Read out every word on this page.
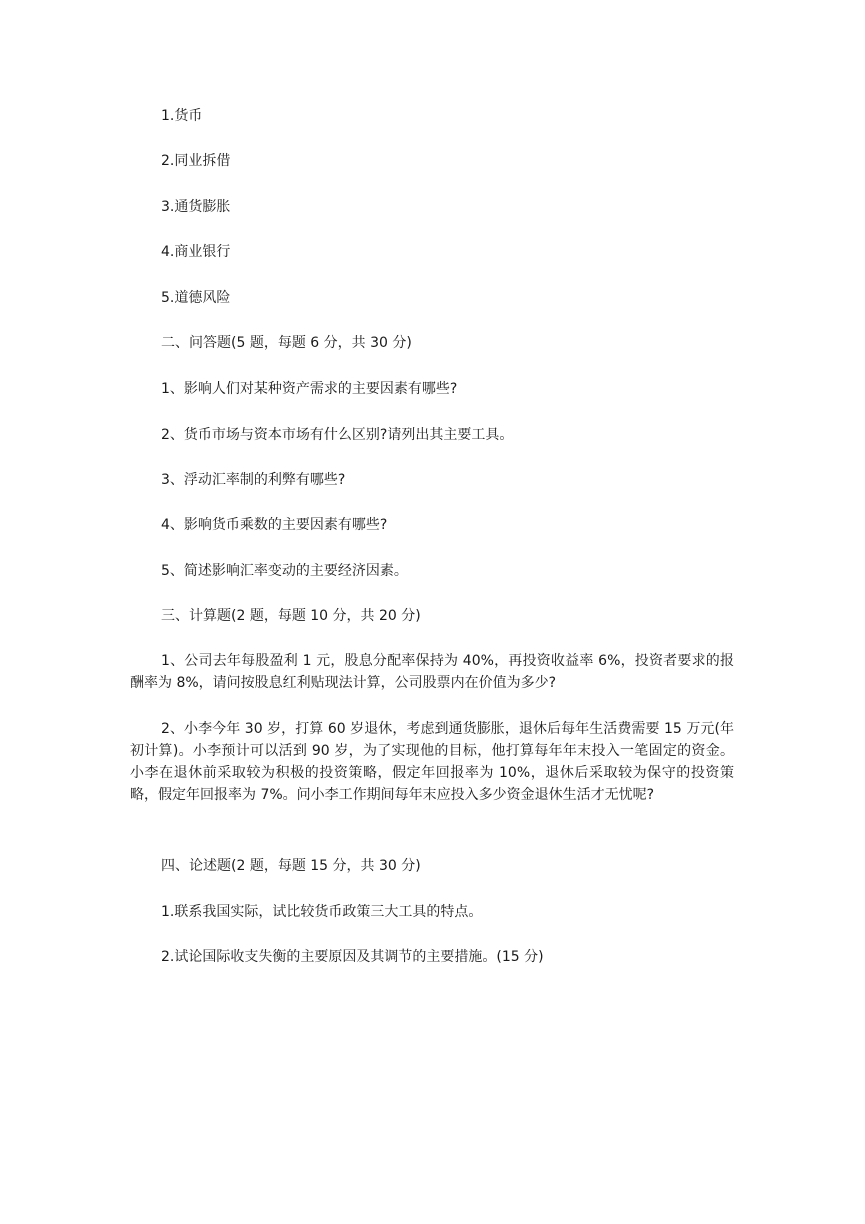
1.货币

2.同业拆借

3.通货膨胀

4.商业银行

5.道德风险

二、问答题(5 题，每题 6 分，共 30 分)

1、影响人们对某种资产需求的主要因素有哪些?

2、货币市场与资本市场有什么区别?请列出其主要工具。

3、浮动汇率制的利弊有哪些?

4、影响货币乘数的主要因素有哪些?

5、简述影响汇率变动的主要经济因素。

三、计算题(2 题，每题 10 分，共 20 分)

1、公司去年每股盈利 1 元，股息分配率保持为 40%，再投资收益率 6%，投资者要求的报酬率为 8%，请问按股息红利贴现法计算，公司股票内在价值为多少?

2、小李今年 30 岁，打算 60 岁退休，考虑到通货膨胀，退休后每年生活费需要 15 万元(年初计算)。小李预计可以活到 90 岁，为了实现他的目标，他打算每年年末投入一笔固定的资金。小李在退休前采取较为积极的投资策略，假定年回报率为 10%，退休后采取较为保守的投资策略，假定年回报率为 7%。问小李工作期间每年末应投入多少资金退休生活才无忧呢?

四、论述题(2 题，每题 15 分，共 30 分)

1.联系我国实际，试比较货币政策三大工具的特点。

2.试论国际收支失衡的主要原因及其调节的主要措施。(15 分)
